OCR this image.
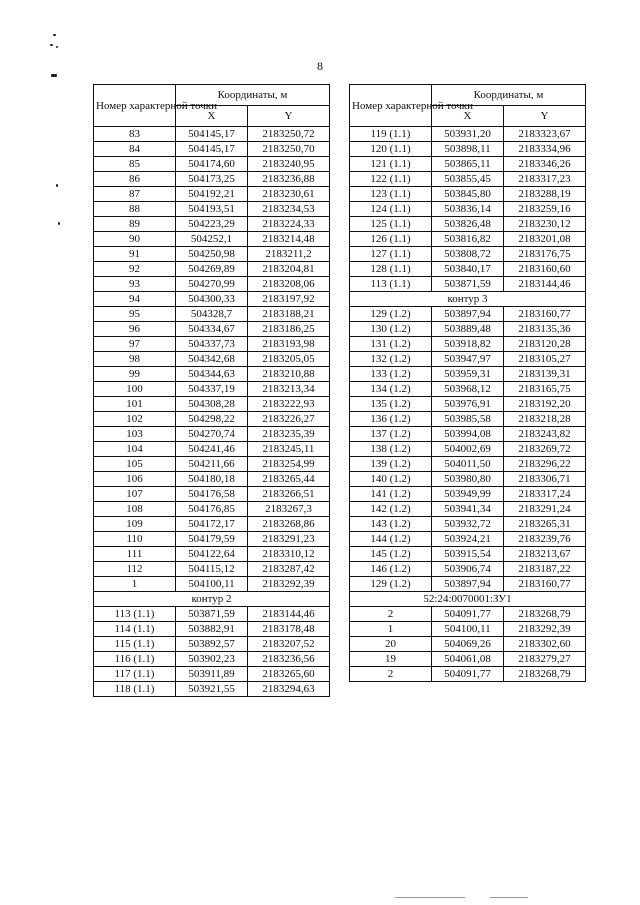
8
Номер характерной точки	Координаты, м	
	X	Y
83	504145,17	2183250,72
84	504145,17	2183250,70
85	504174,60	2183240,95
86	504173,25	2183236,88
87	504192,21	2183230,61
88	504193,51	2183234,53
89	504223,29	2183224,33
90	504252,1	2183214,48
91	504250,98	2183211,2
92	504269,89	2183204,81
93	504270,99	2183208,06
94	504300,33	2183197,92
95	504328,7	2183188,21
96	504334,67	2183186,25
97	504337,73	2183193,98
98	504342,68	2183205,05
99	504344,63	2183210,88
100	504337,19	2183213,34
101	504308,28	2183222,93
102	504298,22	2183226,27
103	504270,74	2183235,39
104	504241,46	2183245,11
105	504211,66	2183254,99
106	504180,18	2183265,44
107	504176,58	2183266,51
108	504176,85	2183267,3
109	504172,17	2183268,86
110	504179,59	2183291,23
111	504122,64	2183310,12
112	504115,12	2183287,42
1	504100,11	2183292,39
контур 2		
113 (1.1)	503871,59	2183144,46
114 (1.1)	503882,91	2183178,48
115 (1.1)	503892,57	2183207,52
116 (1.1)	503902,23	2183236,56
117 (1.1)	503911,89	2183265,60
118 (1.1)	503921,55	2183294,63
Номер характерной точки	Координаты, м	
	X	Y
119 (1.1)	503931,20	2183323,67
120 (1.1)	503898,11	2183334,96
121 (1.1)	503865,11	2183346,26
122 (1.1)	503855,45	2183317,23
123 (1.1)	503845,80	2183288,19
124 (1.1)	503836,14	2183259,16
125 (1.1)	503826,48	2183230,12
126 (1.1)	503816,82	2183201,08
127 (1.1)	503808,72	2183176,75
128 (1.1)	503840,17	2183160,60
113 (1.1)	503871,59	2183144,46
контур 3		
129 (1.2)	503897,94	2183160,77
130 (1.2)	503889,48	2183135,36
131 (1.2)	503918,82	2183120,28
132 (1.2)	503947,97	2183105,27
133 (1.2)	503959,31	2183139,31
134 (1.2)	503968,12	2183165,75
135 (1.2)	503976,91	2183192,20
136 (1.2)	503985,58	2183218,28
137 (1.2)	503994,08	2183243,82
138 (1.2)	504002,69	2183269,72
139 (1.2)	504011,50	2183296,22
140 (1.2)	503980,80	2183306,71
141 (1.2)	503949,99	2183317,24
142 (1.2)	503941,34	2183291,24
143 (1.2)	503932,72	2183265,31
144 (1.2)	503924,21	2183239,76
145 (1.2)	503915,54	2183213,67
146 (1.2)	503906,74	2183187,22
129 (1.2)	503897,94	2183160,77
52:24:0070001:ЗУ1		
2	504091,77	2183268,79
1	504100,11	2183292,39
20	504069,26	2183302,60
19	504061,08	2183279,27
2	504091,77	2183268,79
